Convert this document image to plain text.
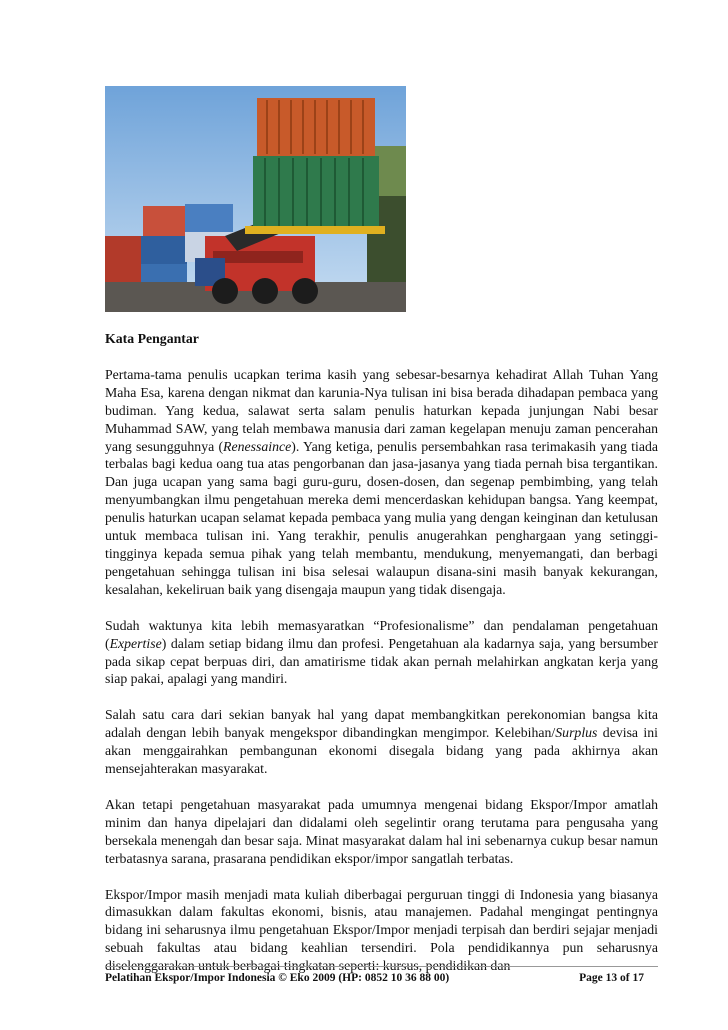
Kata Pengantar

Pertama-tama penulis ucapkan terima kasih yang sebesar-besarnya kehadirat Allah Tuhan Yang Maha Esa, karena dengan nikmat dan karunia-Nya tulisan ini bisa berada dihadapan pembaca yang budiman. Yang kedua, salawat serta salam penulis haturkan kepada junjungan Nabi besar Muhammad SAW, yang telah membawa manusia dari zaman kegelapan menuju zaman pencerahan yang sesungguhnya (Renessaince). Yang ketiga, penulis persembahkan rasa terimakasih yang tiada terbalas bagi kedua oang tua atas pengorbanan dan jasa-jasanya yang tiada pernah bisa tergantikan. Dan juga ucapan yang sama bagi guru-guru, dosen-dosen, dan segenap pembimbing, yang telah menyumbangkan ilmu pengetahuan mereka demi mencerdaskan kehidupan bangsa. Yang keempat, penulis haturkan ucapan selamat kepada pembaca yang mulia yang dengan keinginan dan ketulusan untuk membaca tulisan ini. Yang terakhir, penulis anugerahkan penghargaan yang setinggi-tingginya kepada semua pihak yang telah membantu, mendukung, menyemangati, dan berbagi pengetahuan sehingga tulisan ini bisa selesai walaupun disana-sini masih banyak kekurangan, kesalahan, kekeliruan baik yang disengaja maupun yang tidak disengaja.

Sudah waktunya kita lebih memasyaratkan “Profesionalisme” dan pendalaman pengetahuan (Expertise) dalam setiap bidang ilmu dan profesi. Pengetahuan ala kadarnya saja, yang bersumber pada sikap cepat berpuas diri, dan amatirisme tidak akan pernah melahirkan angkatan kerja yang siap pakai, apalagi yang mandiri.

Salah satu cara dari sekian banyak hal yang dapat membangkitkan perekonomian bangsa kita adalah dengan lebih banyak mengekspor dibandingkan mengimpor. Kelebihan/Surplus devisa ini akan menggairahkan pembangunan ekonomi disegala bidang yang pada akhirnya akan mensejahterakan masyarakat.

Akan tetapi pengetahuan masyarakat pada umumnya mengenai bidang Ekspor/Impor amatlah minim dan hanya dipelajari dan didalami oleh segelintir orang terutama para pengusaha yang bersekala menengah dan besar saja. Minat masyarakat dalam hal ini sebenarnya cukup besar namun terbatasnya sarana, prasarana pendidikan ekspor/impor sangatlah terbatas.

Ekspor/Impor masih menjadi mata kuliah diberbagai perguruan tinggi di Indonesia yang biasanya dimasukkan dalam fakultas ekonomi, bisnis, atau manajemen. Padahal mengingat pentingnya bidang ini seharusnya ilmu pengetahuan Ekspor/Impor menjadi terpisah dan berdiri sejajar menjadi sebuah fakultas atau bidang keahlian tersendiri. Pola pendidikannya pun seharusnya diselenggarakan untuk berbagai tingkatan seperti: kursus, pendidikan dan

Pelatihan Ekspor/Impor Indonesia © Eko 2009 (HP: 0852 10 36 88 00)	Page 13 of 17
